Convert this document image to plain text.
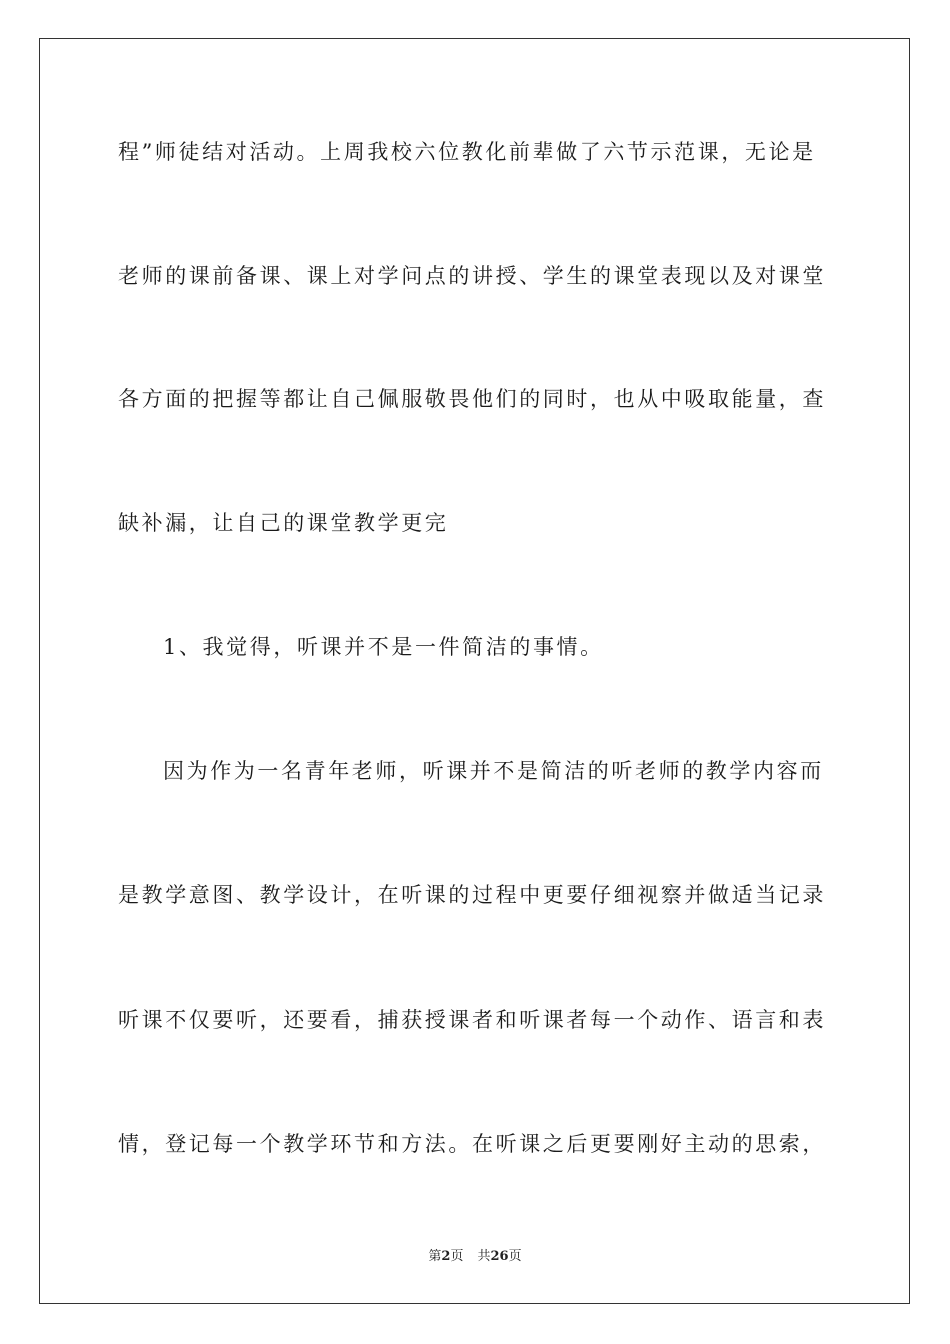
程”师徒结对活动。上周我校六位教化前辈做了六节示范课，无论是
老师的课前备课、课上对学问点的讲授、学生的课堂表现以及对课堂
各方面的把握等都让自己佩服敬畏他们的同时，也从中吸取能量，查
缺补漏，让自己的课堂教学更完
1、我觉得，听课并不是一件简洁的事情。
因为作为一名青年老师，听课并不是简洁的听老师的教学内容而
是教学意图、教学设计，在听课的过程中更要仔细视察并做适当记录
听课不仅要听，还要看，捕获授课者和听课者每一个动作、语言和表
情，登记每一个教学环节和方法。在听课之后更要刚好主动的思索，
第2页 共26页
